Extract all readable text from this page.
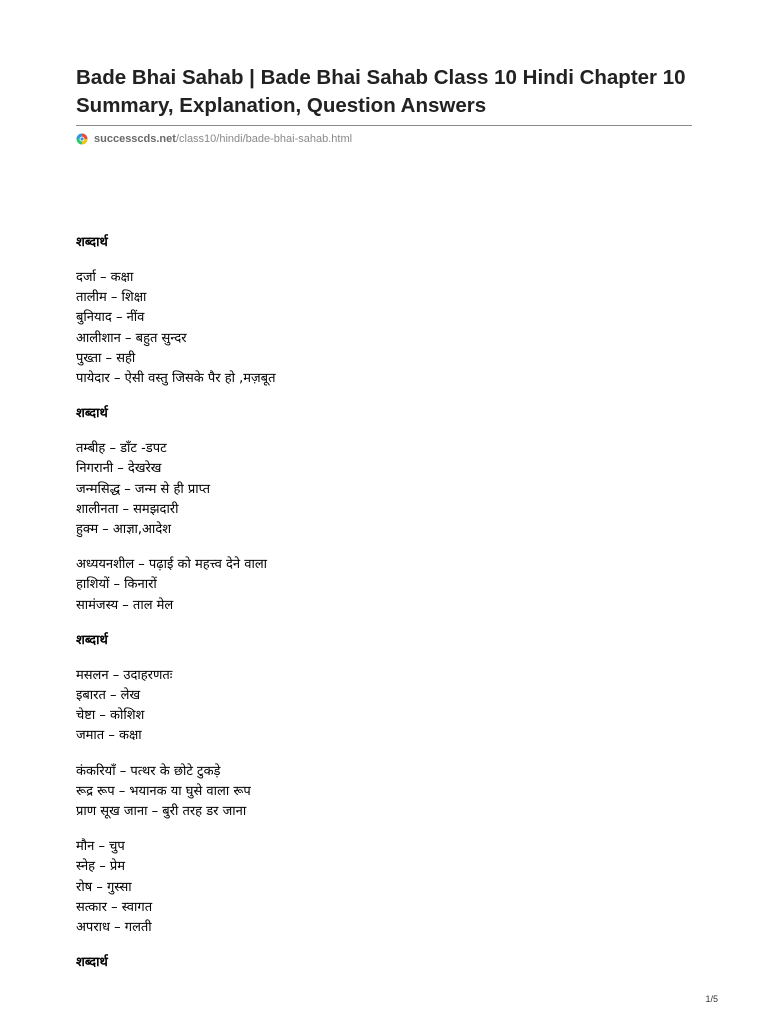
Bade Bhai Sahab | Bade Bhai Sahab Class 10 Hindi Chapter 10 Summary, Explanation, Question Answers
successcds.net /class10/hindi/bade-bhai-sahab.html
शब्दार्थ
दर्जा – कक्षा
तालीम – शिक्षा
बुनियाद – नींव
आलीशान – बहुत सुन्दर
पुख्ता – सही
पायेदार – ऐसी वस्तु जिसके पैर हो ,मज़बूत
शब्दार्थ
तम्बीह – डाँट -डपट
निगरानी – देखरेख
जन्मसिद्ध – जन्म से ही प्राप्त
शालीनता – समझदारी
हुक्म – आज्ञा,आदेश
अध्ययनशील – पढ़ाई को महत्त्व देने वाला
हाशियों – किनारों
सामंजस्य – ताल मेल
शब्दार्थ
मसलन – उदाहरणतः
इबारत – लेख
चेष्टा – कोशिश
जमात – कक्षा
कंकरियाँ – पत्थर के छोटे टुकड़े
रूद्र रूप – भयानक या घुसे वाला रूप
प्राण सूख जाना – बुरी तरह डर जाना
मौन – चुप
स्नेह – प्रेम
रोष – गुस्सा
सत्कार – स्वागत
अपराध – गलती
शब्दार्थ
1/5
